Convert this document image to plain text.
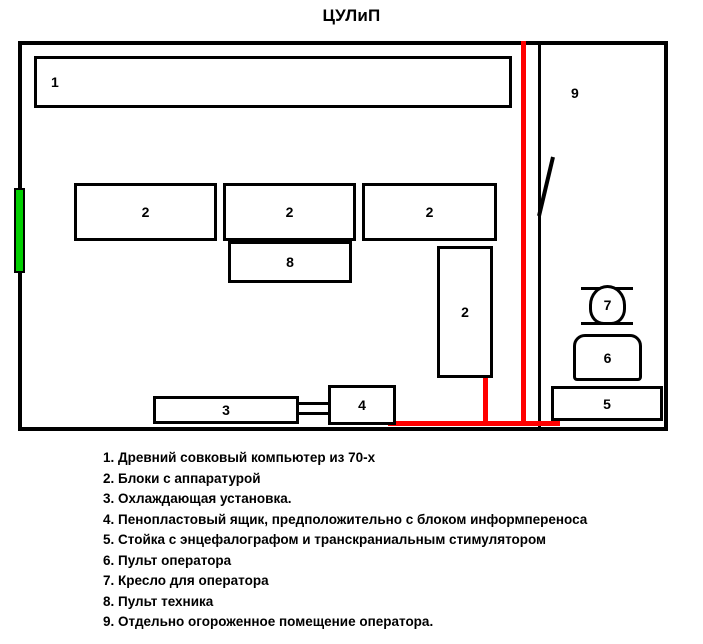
ЦУЛиП
1
2	2	2
2
8
3	4	5
6
7
9
1. Древний совковый компьютер из 70-х
2. Блоки с аппаратурой
3. Охлаждающая установка.
4. Пенопластовый ящик, предположительно с блоком информпереноса
5. Стойка с энцефалографом и транскраниальным стимулятором
6. Пульт оператора
7. Кресло для оператора
8. Пульт техника
9. Отдельно огороженное помещение оператора.
